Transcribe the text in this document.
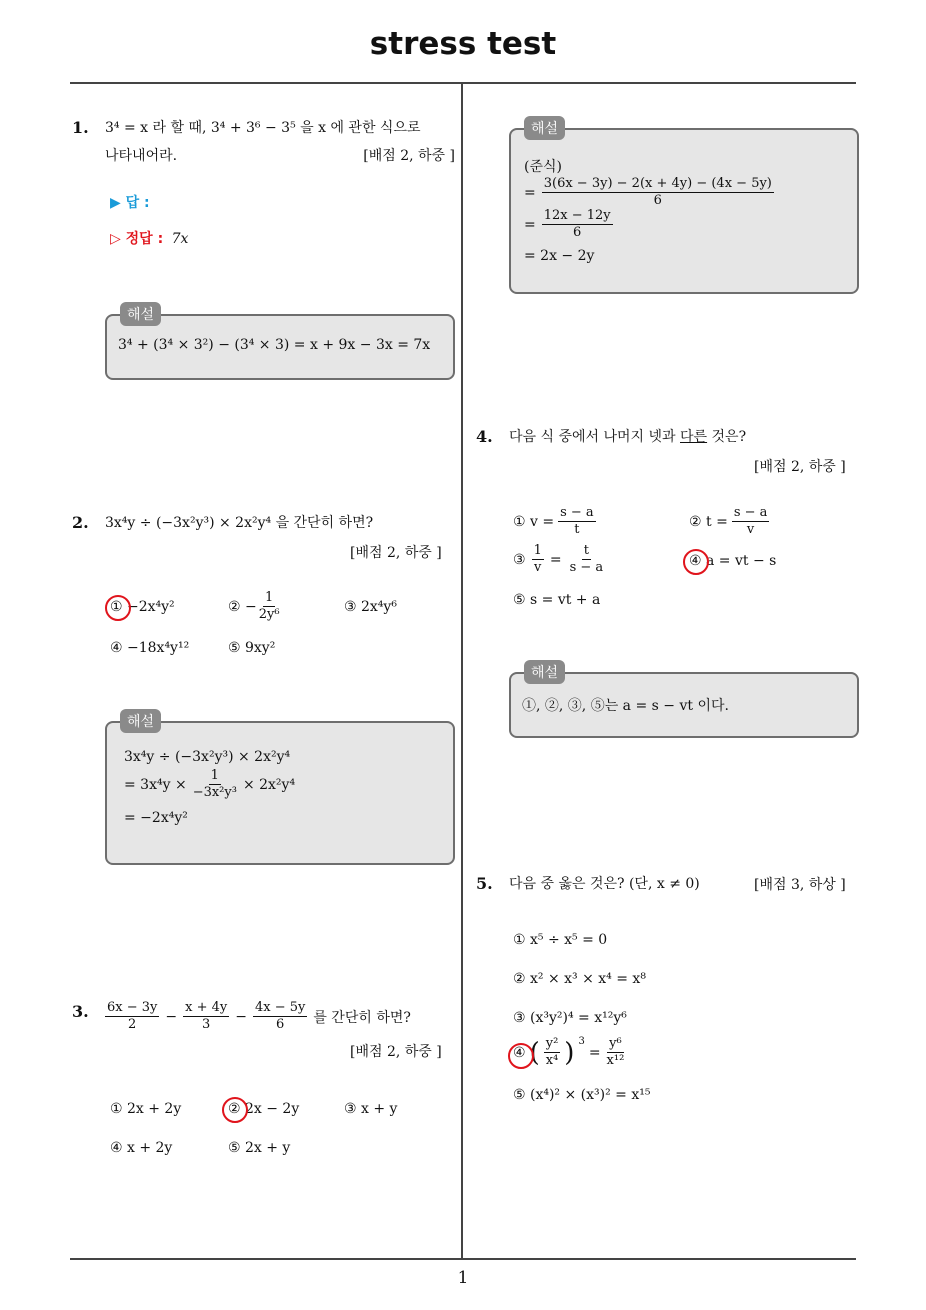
stress test
1
1. 3⁴ = x 라 할 때, 3⁴ + 3⁶ − 3⁵ 을 x 에 관한 식으로
나타내어라.	[배점 2, 하중 ]
▶ 답 :
▷ 정답 : 7x
해설
3⁴ + (3⁴ × 3²) − (3⁴ × 3) = x + 9x − 3x = 7x
2. 3x⁴y ÷ (−3x²y³) × 2x²y⁴ 을 간단히 하면?
[배점 2, 하중 ]
① −2x⁴y²	② − $\frac{1}{\text{2y⁶}}$	③ 2x⁴y⁶
④ −18x⁴y¹²	⑤ 9xy²
해설
3x⁴y ÷ (−3x²y³) × 2x²y⁴
= $3x^4y \times \frac{1}{\text{−3x²y³}} \times 2x^2y^4$
= −2x⁴y²
3. $\frac{6x - 3y}{2} - \frac{x + 4y}{3} - \frac{4x - 5y}{6}$ 를 간단히 하면?
[배점 2, 하중 ]
① 2x + 2y	② 2x − 2y	③ x + y
④ x + 2y	⑤ 2x + y
해설
(준식)
= $\frac{3(6x - 3y) - 2(x + 4y) - (4x - 5y)}{6}$
= $\frac{12x - 12y}{6}$
= 2x − 2y
4. 다음 식 중에서 나머지 넷과 다른 것은?
[배점 2, 하중 ]
① $v = \frac{s - a}{t}$	② $t = \frac{s - a}{v}$
③ $\frac{1}{v} = \frac{t}{s - a}$	④ a = vt − s
⑤ s = vt + a
해설
①, ②, ③, ⑤는 a = s − vt 이다.
5. 다음 중 옳은 것은? (단, x ≠ 0)	[배점 3, 하상 ]
① x⁵ ÷ x⁵ = 0
② x² × x³ × x⁴ = x⁸
③ (x³y²)⁴ = x¹²y⁶
④ ( $\frac{\text{y²}}{\text{x⁴}}$ ) $^3$
= $\frac{\text{y⁶}}{\text{x¹²}}$
⑤ (x⁴)² × (x³)² = x¹⁵
